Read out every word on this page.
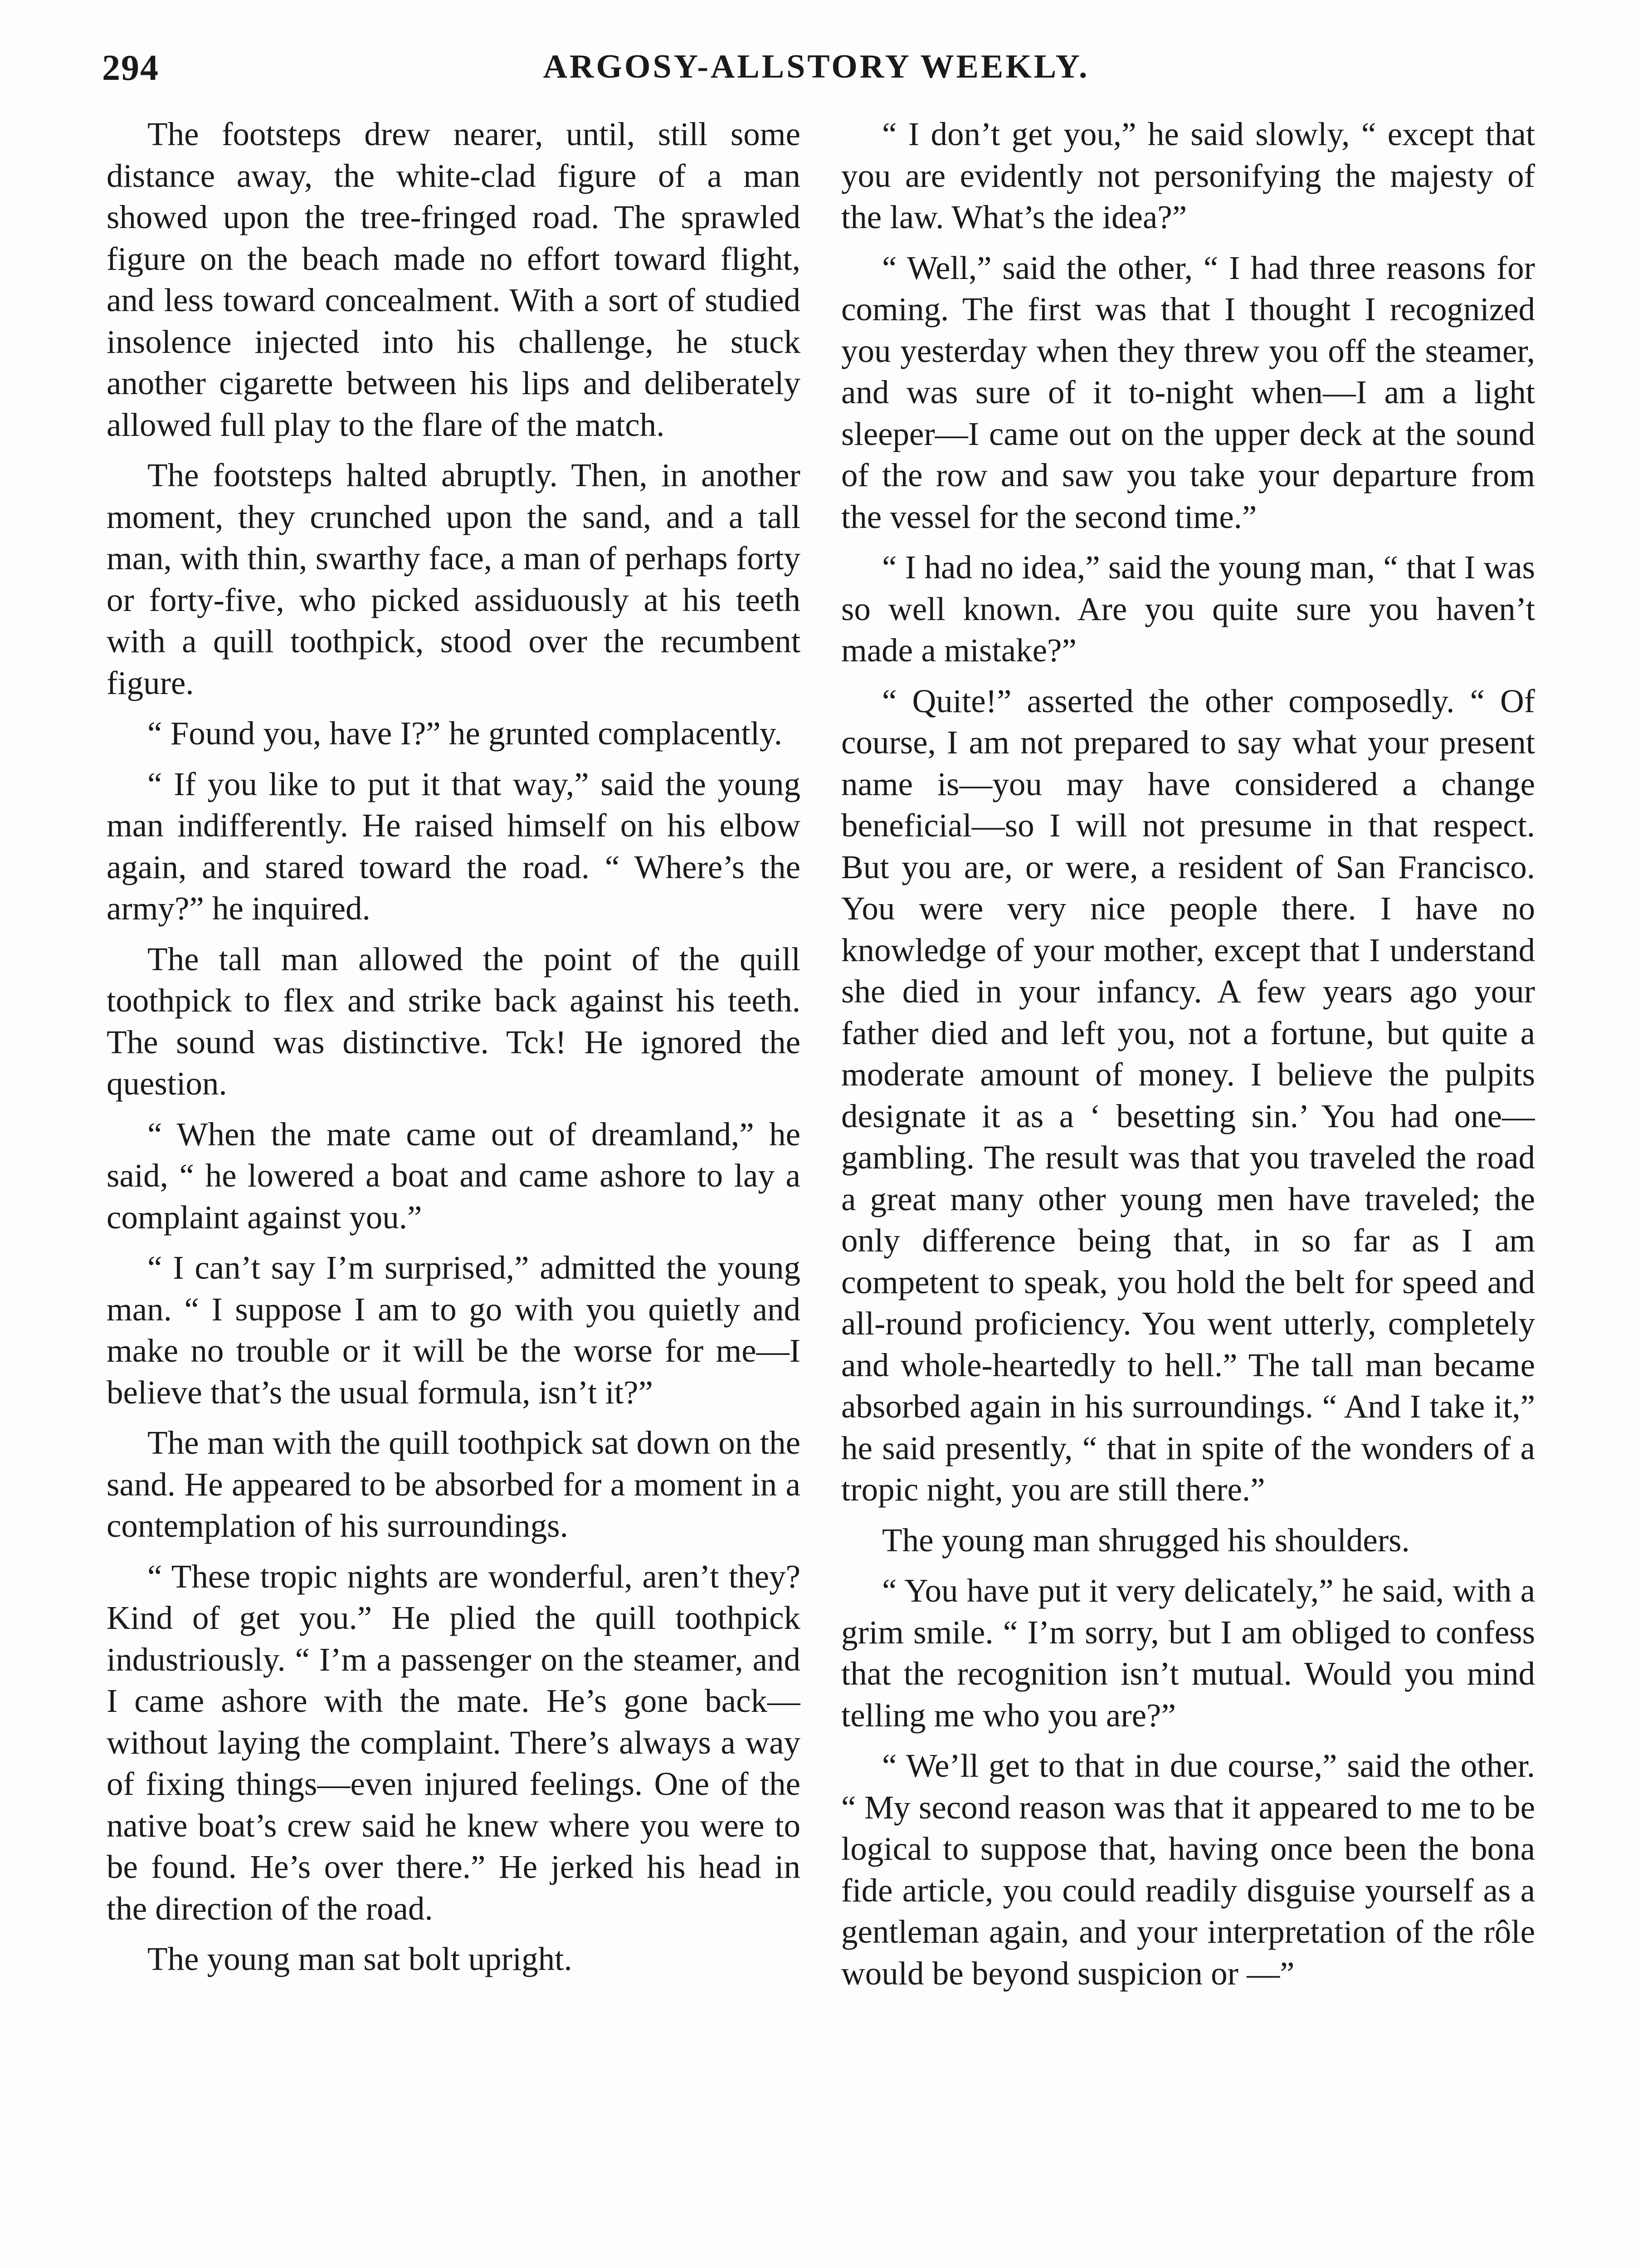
294	ARGOSY-ALLSTORY WEEKLY.

The footsteps drew nearer, until, still some distance away, the white-clad figure of a man showed upon the tree-fringed road. The sprawled figure on the beach made no effort toward flight, and less toward concealment. With a sort of studied insolence injected into his challenge, he stuck another cigarette between his lips and deliberately allowed full play to the flare of the match.

The footsteps halted abruptly. Then, in another moment, they crunched upon the sand, and a tall man, with thin, swarthy face, a man of perhaps forty or forty-five, who picked assiduously at his teeth with a quill toothpick, stood over the recumbent figure.

“ Found you, have I?” he grunted complacently.

“ If you like to put it that way,” said the young man indifferently. He raised himself on his elbow again, and stared toward the road. “ Where’s the army?” he inquired.

The tall man allowed the point of the quill toothpick to flex and strike back against his teeth. The sound was distinctive. Tck! He ignored the question.

“ When the mate came out of dreamland,” he said, “ he lowered a boat and came ashore to lay a complaint against you.”

“ I can’t say I’m surprised,” admitted the young man. “ I suppose I am to go with you quietly and make no trouble or it will be the worse for me—I believe that’s the usual formula, isn’t it?”

The man with the quill toothpick sat down on the sand. He appeared to be absorbed for a moment in a contemplation of his surroundings.

“ These tropic nights are wonderful, aren’t they? Kind of get you.” He plied the quill toothpick industriously. “ I’m a passenger on the steamer, and I came ashore with the mate. He’s gone back—without laying the complaint. There’s always a way of fixing things—even injured feelings. One of the native boat’s crew said he knew where you were to be found. He’s over there.” He jerked his head in the direction of the road.

The young man sat bolt upright.

“ I don’t get you,” he said slowly, “ except that you are evidently not personifying the majesty of the law. What’s the idea?”

“ Well,” said the other, “ I had three reasons for coming. The first was that I thought I recognized you yesterday when they threw you off the steamer, and was sure of it to-night when—I am a light sleeper—I came out on the upper deck at the sound of the row and saw you take your departure from the vessel for the second time.”

“ I had no idea,” said the young man, “ that I was so well known. Are you quite sure you haven’t made a mistake?”

“ Quite!” asserted the other composedly. “ Of course, I am not prepared to say what your present name is—you may have considered a change beneficial—so I will not presume in that respect. But you are, or were, a resident of San Francisco. You were very nice people there. I have no knowledge of your mother, except that I understand she died in your infancy. A few years ago your father died and left you, not a fortune, but quite a moderate amount of money. I believe the pulpits designate it as a ‘ besetting sin.’ You had one—gambling. The result was that you traveled the road a great many other young men have traveled; the only difference being that, in so far as I am competent to speak, you hold the belt for speed and all-round proficiency. You went utterly, completely and whole-heartedly to hell.” The tall man became absorbed again in his surroundings. “ And I take it,” he said presently, “ that in spite of the wonders of a tropic night, you are still there.”

The young man shrugged his shoulders.

“ You have put it very delicately,” he said, with a grim smile. “ I’m sorry, but I am obliged to confess that the recognition isn’t mutual. Would you mind telling me who you are?”

“ We’ll get to that in due course,” said the other. “ My second reason was that it appeared to me to be logical to suppose that, having once been the bona fide article, you could readily disguise yourself as a gentleman again, and your interpretation of the rôle would be beyond suspicion or —”
